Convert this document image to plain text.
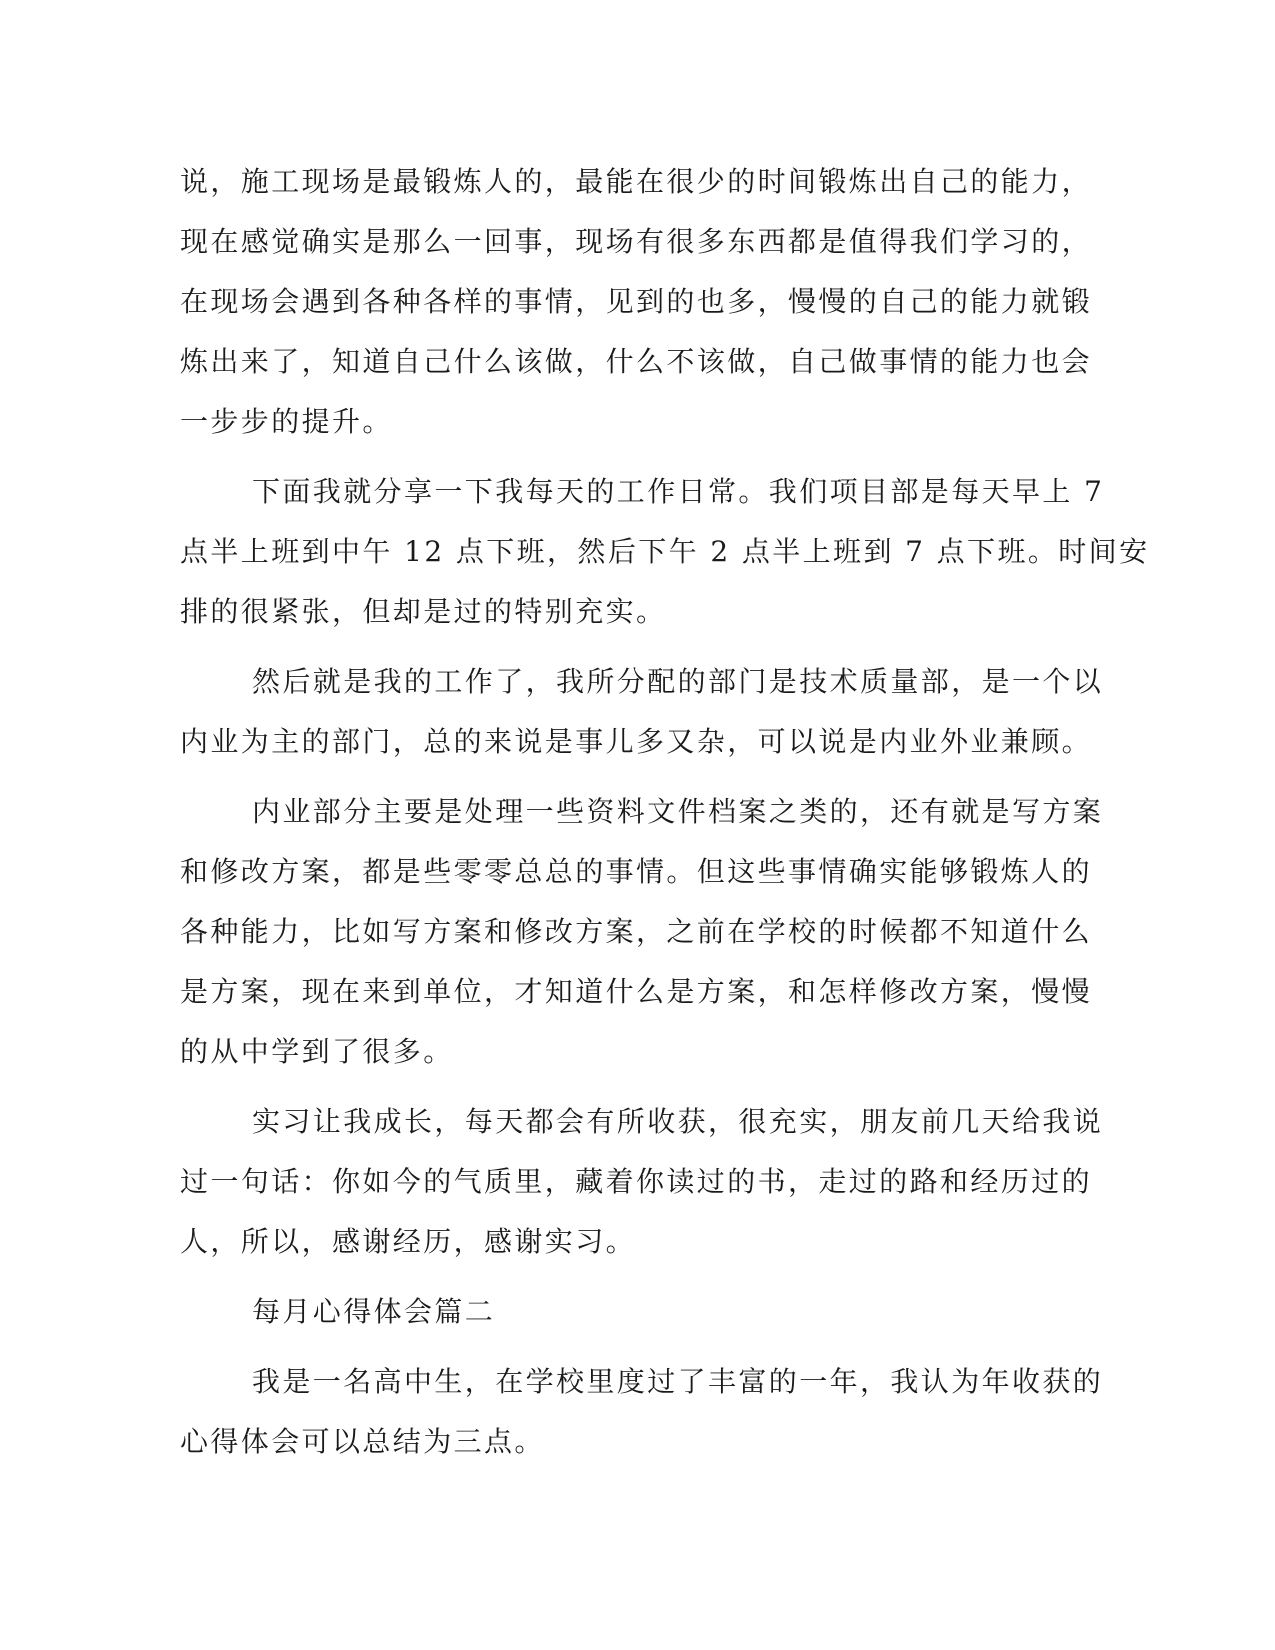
说，施工现场是最锻炼人的，最能在很少的时间锻炼出自己的能力，
现在感觉确实是那么一回事，现场有很多东西都是值得我们学习的，
在现场会遇到各种各样的事情，见到的也多，慢慢的自己的能力就锻
炼出来了，知道自己什么该做，什么不该做，自己做事情的能力也会
一步步的提升。
下面我就分享一下我每天的工作日常。我们项目部是每天早上 7
点半上班到中午 12 点下班，然后下午 2 点半上班到 7 点下班。时间安
排的很紧张，但却是过的特别充实。
然后就是我的工作了，我所分配的部门是技术质量部，是一个以
内业为主的部门，总的来说是事儿多又杂，可以说是内业外业兼顾。
内业部分主要是处理一些资料文件档案之类的，还有就是写方案
和修改方案，都是些零零总总的事情。但这些事情确实能够锻炼人的
各种能力，比如写方案和修改方案，之前在学校的时候都不知道什么
是方案，现在来到单位，才知道什么是方案，和怎样修改方案，慢慢
的从中学到了很多。
实习让我成长，每天都会有所收获，很充实，朋友前几天给我说
过一句话：你如今的气质里，藏着你读过的书，走过的路和经历过的
人，所以，感谢经历，感谢实习。
每月心得体会篇二
我是一名高中生，在学校里度过了丰富的一年，我认为年收获的
心得体会可以总结为三点。
